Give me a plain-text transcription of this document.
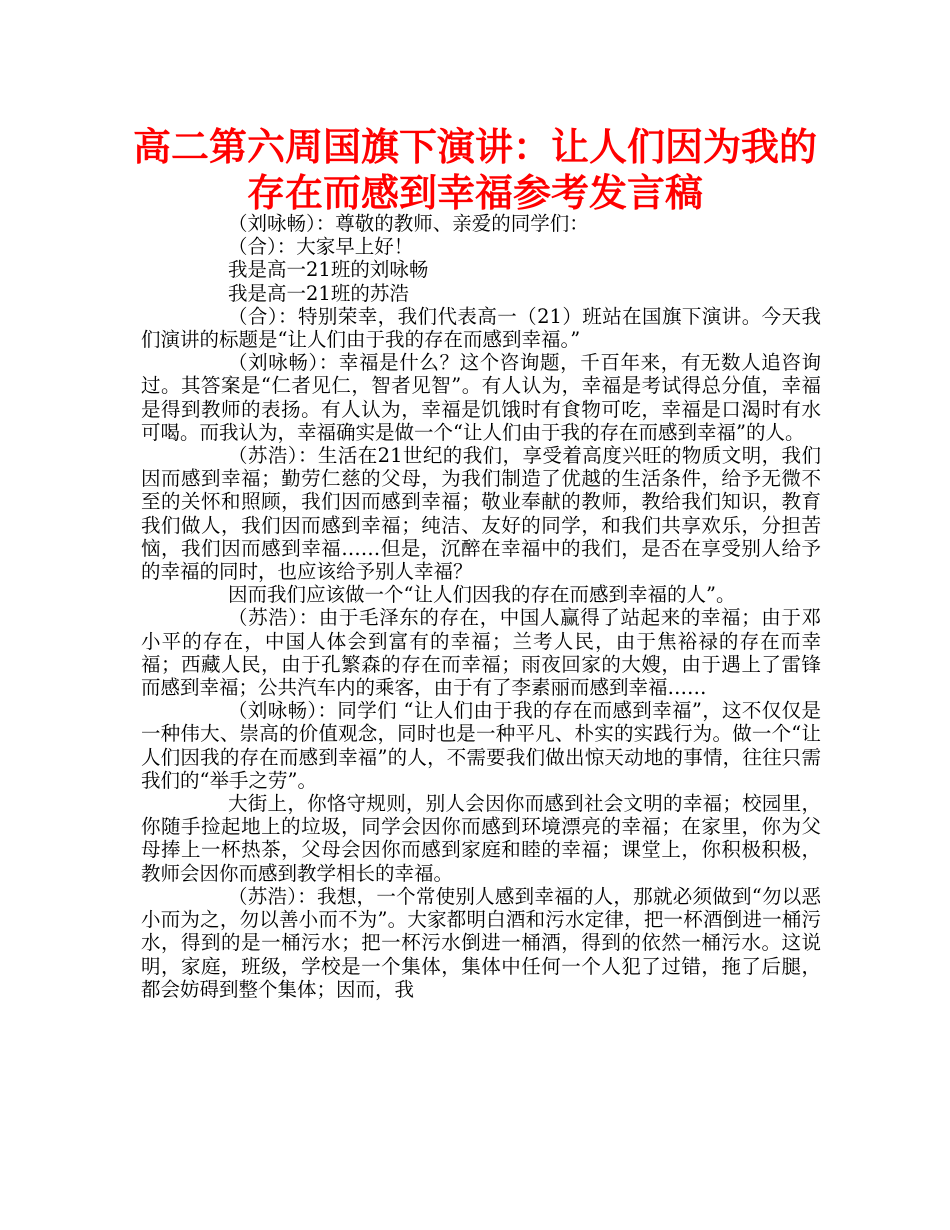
高二第六周国旗下演讲：让人们因为我的
存在而感到幸福参考发言稿

（刘咏畅）：尊敬的教师、亲爱的同学们：

（合）：大家早上好！

我是高一21班的刘咏畅

我是高一21班的苏浩

（合）：特别荣幸，我们代表高一（21）班站在国旗下演讲。今天我们演讲的标题是“让人们由于我的存在而感到幸福。”

（刘咏畅）：幸福是什么？这个咨询题，千百年来，有无数人追咨询过。其答案是“仁者见仁，智者见智”。有人认为，幸福是考试得总分值，幸福是得到教师的表扬。有人认为，幸福是饥饿时有食物可吃，幸福是口渴时有水可喝。而我认为，幸福确实是做一个“让人们由于我的存在而感到幸福”的人。

（苏浩）：生活在21世纪的我们，享受着高度兴旺的物质文明，我们因而感到幸福；勤劳仁慈的父母，为我们制造了优越的生活条件，给予无微不至的关怀和照顾，我们因而感到幸福；敬业奉献的教师，教给我们知识，教育我们做人，我们因而感到幸福；纯洁、友好的同学，和我们共享欢乐，分担苦恼，我们因而感到幸福……但是，沉醉在幸福中的我们，是否在享受别人给予的幸福的同时，也应该给予别人幸福？

因而我们应该做一个“让人们因我的存在而感到幸福的人”。

（苏浩）：由于毛泽东的存在，中国人赢得了站起来的幸福；由于邓小平的存在，中国人体会到富有的幸福；兰考人民，由于焦裕禄的存在而幸福；西藏人民，由于孔繁森的存在而幸福；雨夜回家的大嫂，由于遇上了雷锋而感到幸福；公共汽车内的乘客，由于有了李素丽而感到幸福……

（刘咏畅）：同学们 “让人们由于我的存在而感到幸福”，这不仅仅是一种伟大、崇高的价值观念，同时也是一种平凡、朴实的实践行为。做一个“让人们因我的存在而感到幸福”的人，不需要我们做出惊天动地的事情，往往只需我们的“举手之劳”。

大街上，你恪守规则，别人会因你而感到社会文明的幸福；校园里，你随手捡起地上的垃圾，同学会因你而感到环境漂亮的幸福；在家里，你为父母捧上一杯热茶，父母会因你而感到家庭和睦的幸福；课堂上，你积极积极，教师会因你而感到教学相长的幸福。

（苏浩）：我想，一个常使别人感到幸福的人，那就必须做到“勿以恶小而为之，勿以善小而不为”。大家都明白酒和污水定律，把一杯酒倒进一桶污水，得到的是一桶污水；把一杯污水倒进一桶酒，得到的依然一桶污水。这说明，家庭，班级，学校是一个集体，集体中任何一个人犯了过错，拖了后腿，都会妨碍到整个集体；因而，我
